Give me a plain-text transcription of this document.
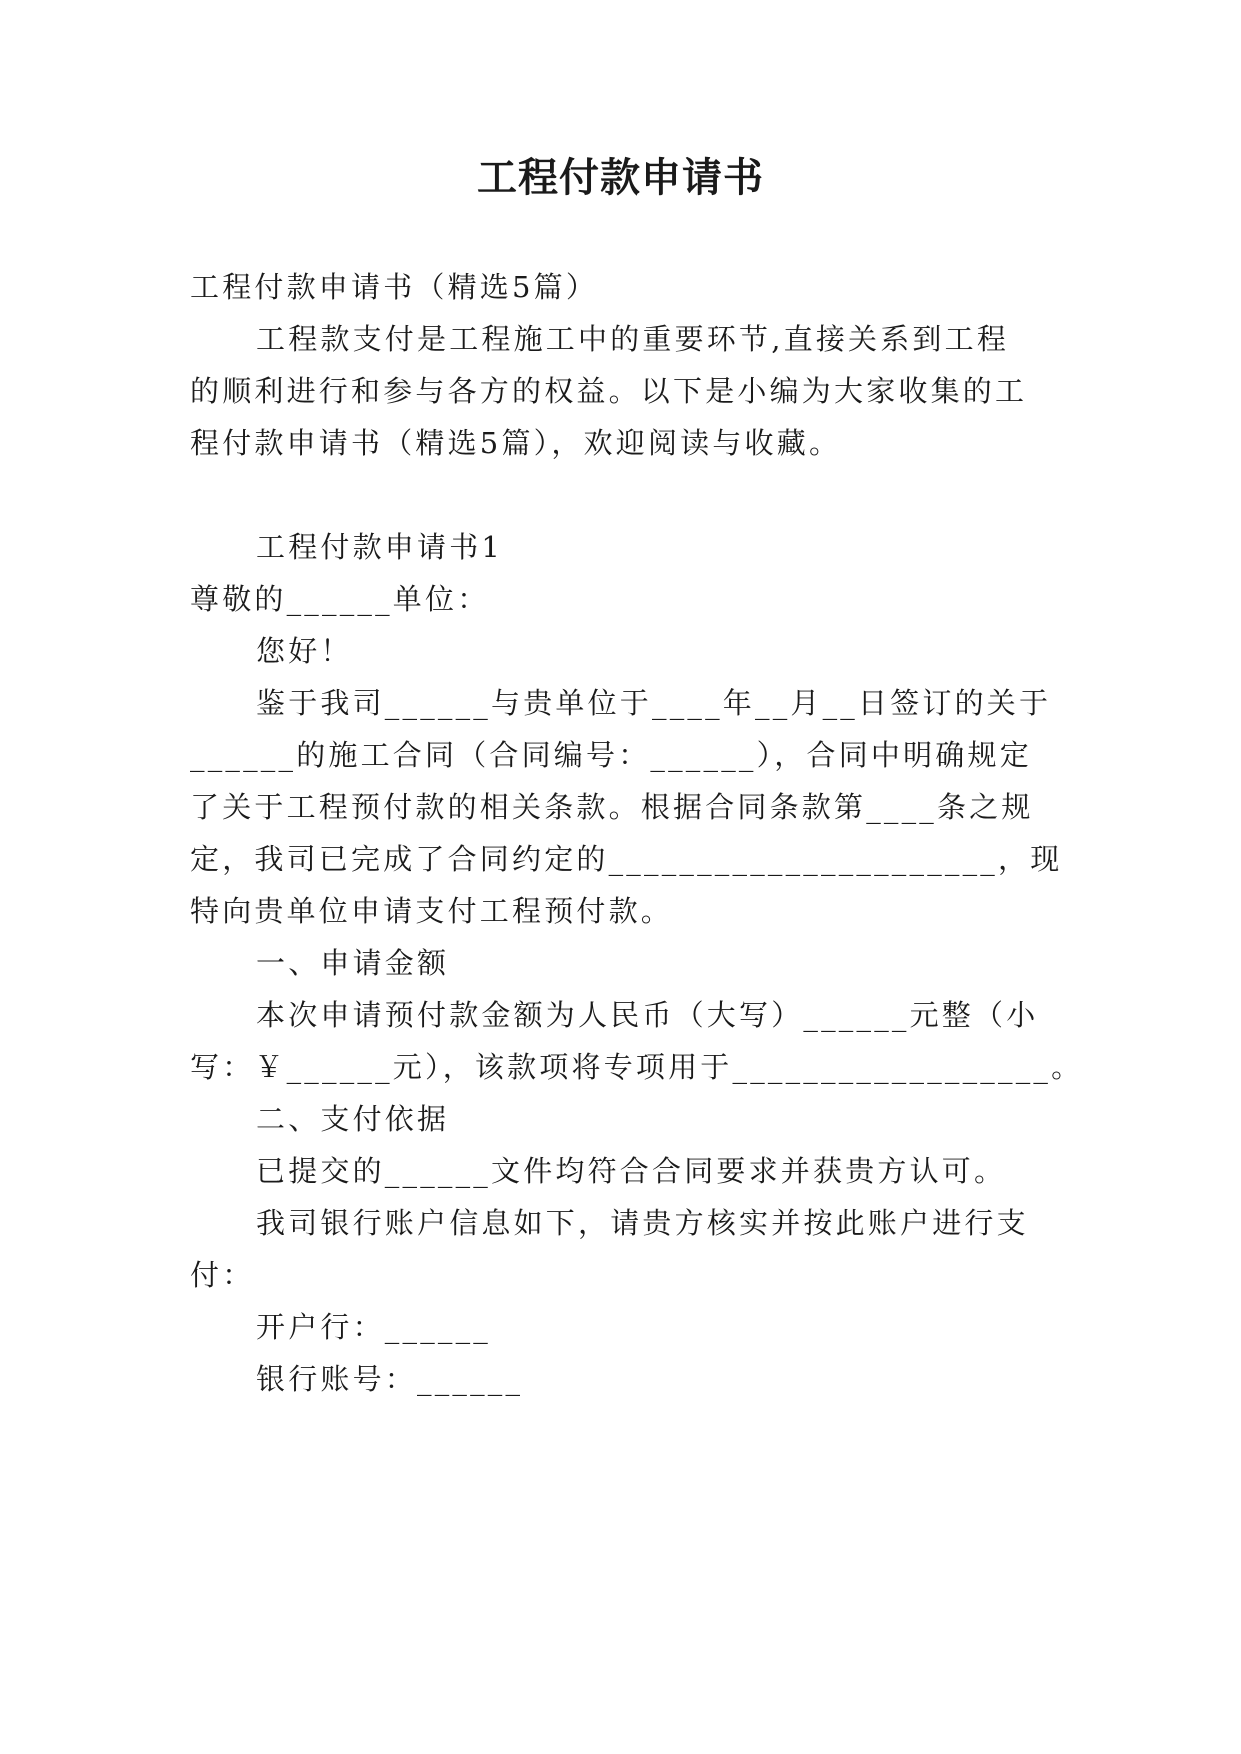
工程付款申请书
工程付款申请书（精选5篇）
工程款支付是工程施工中的重要环节,直接关系到工程
的顺利进行和参与各方的权益。以下是小编为大家收集的工
程付款申请书（精选5篇），欢迎阅读与收藏。
工程付款申请书1
尊敬的______单位：
您好！
鉴于我司______与贵单位于____年__月__日签订的关于
______的施工合同（合同编号：______），合同中明确规定
了关于工程预付款的相关条款。根据合同条款第____条之规
定，我司已完成了合同约定的______________________，现
特向贵单位申请支付工程预付款。
一、申请金额
本次申请预付款金额为人民币（大写）______元整（小
写：￥______元），该款项将专项用于__________________。
二、支付依据
已提交的______文件均符合合同要求并获贵方认可。
我司银行账户信息如下，请贵方核实并按此账户进行支
付：
开户行：______
银行账号：______
